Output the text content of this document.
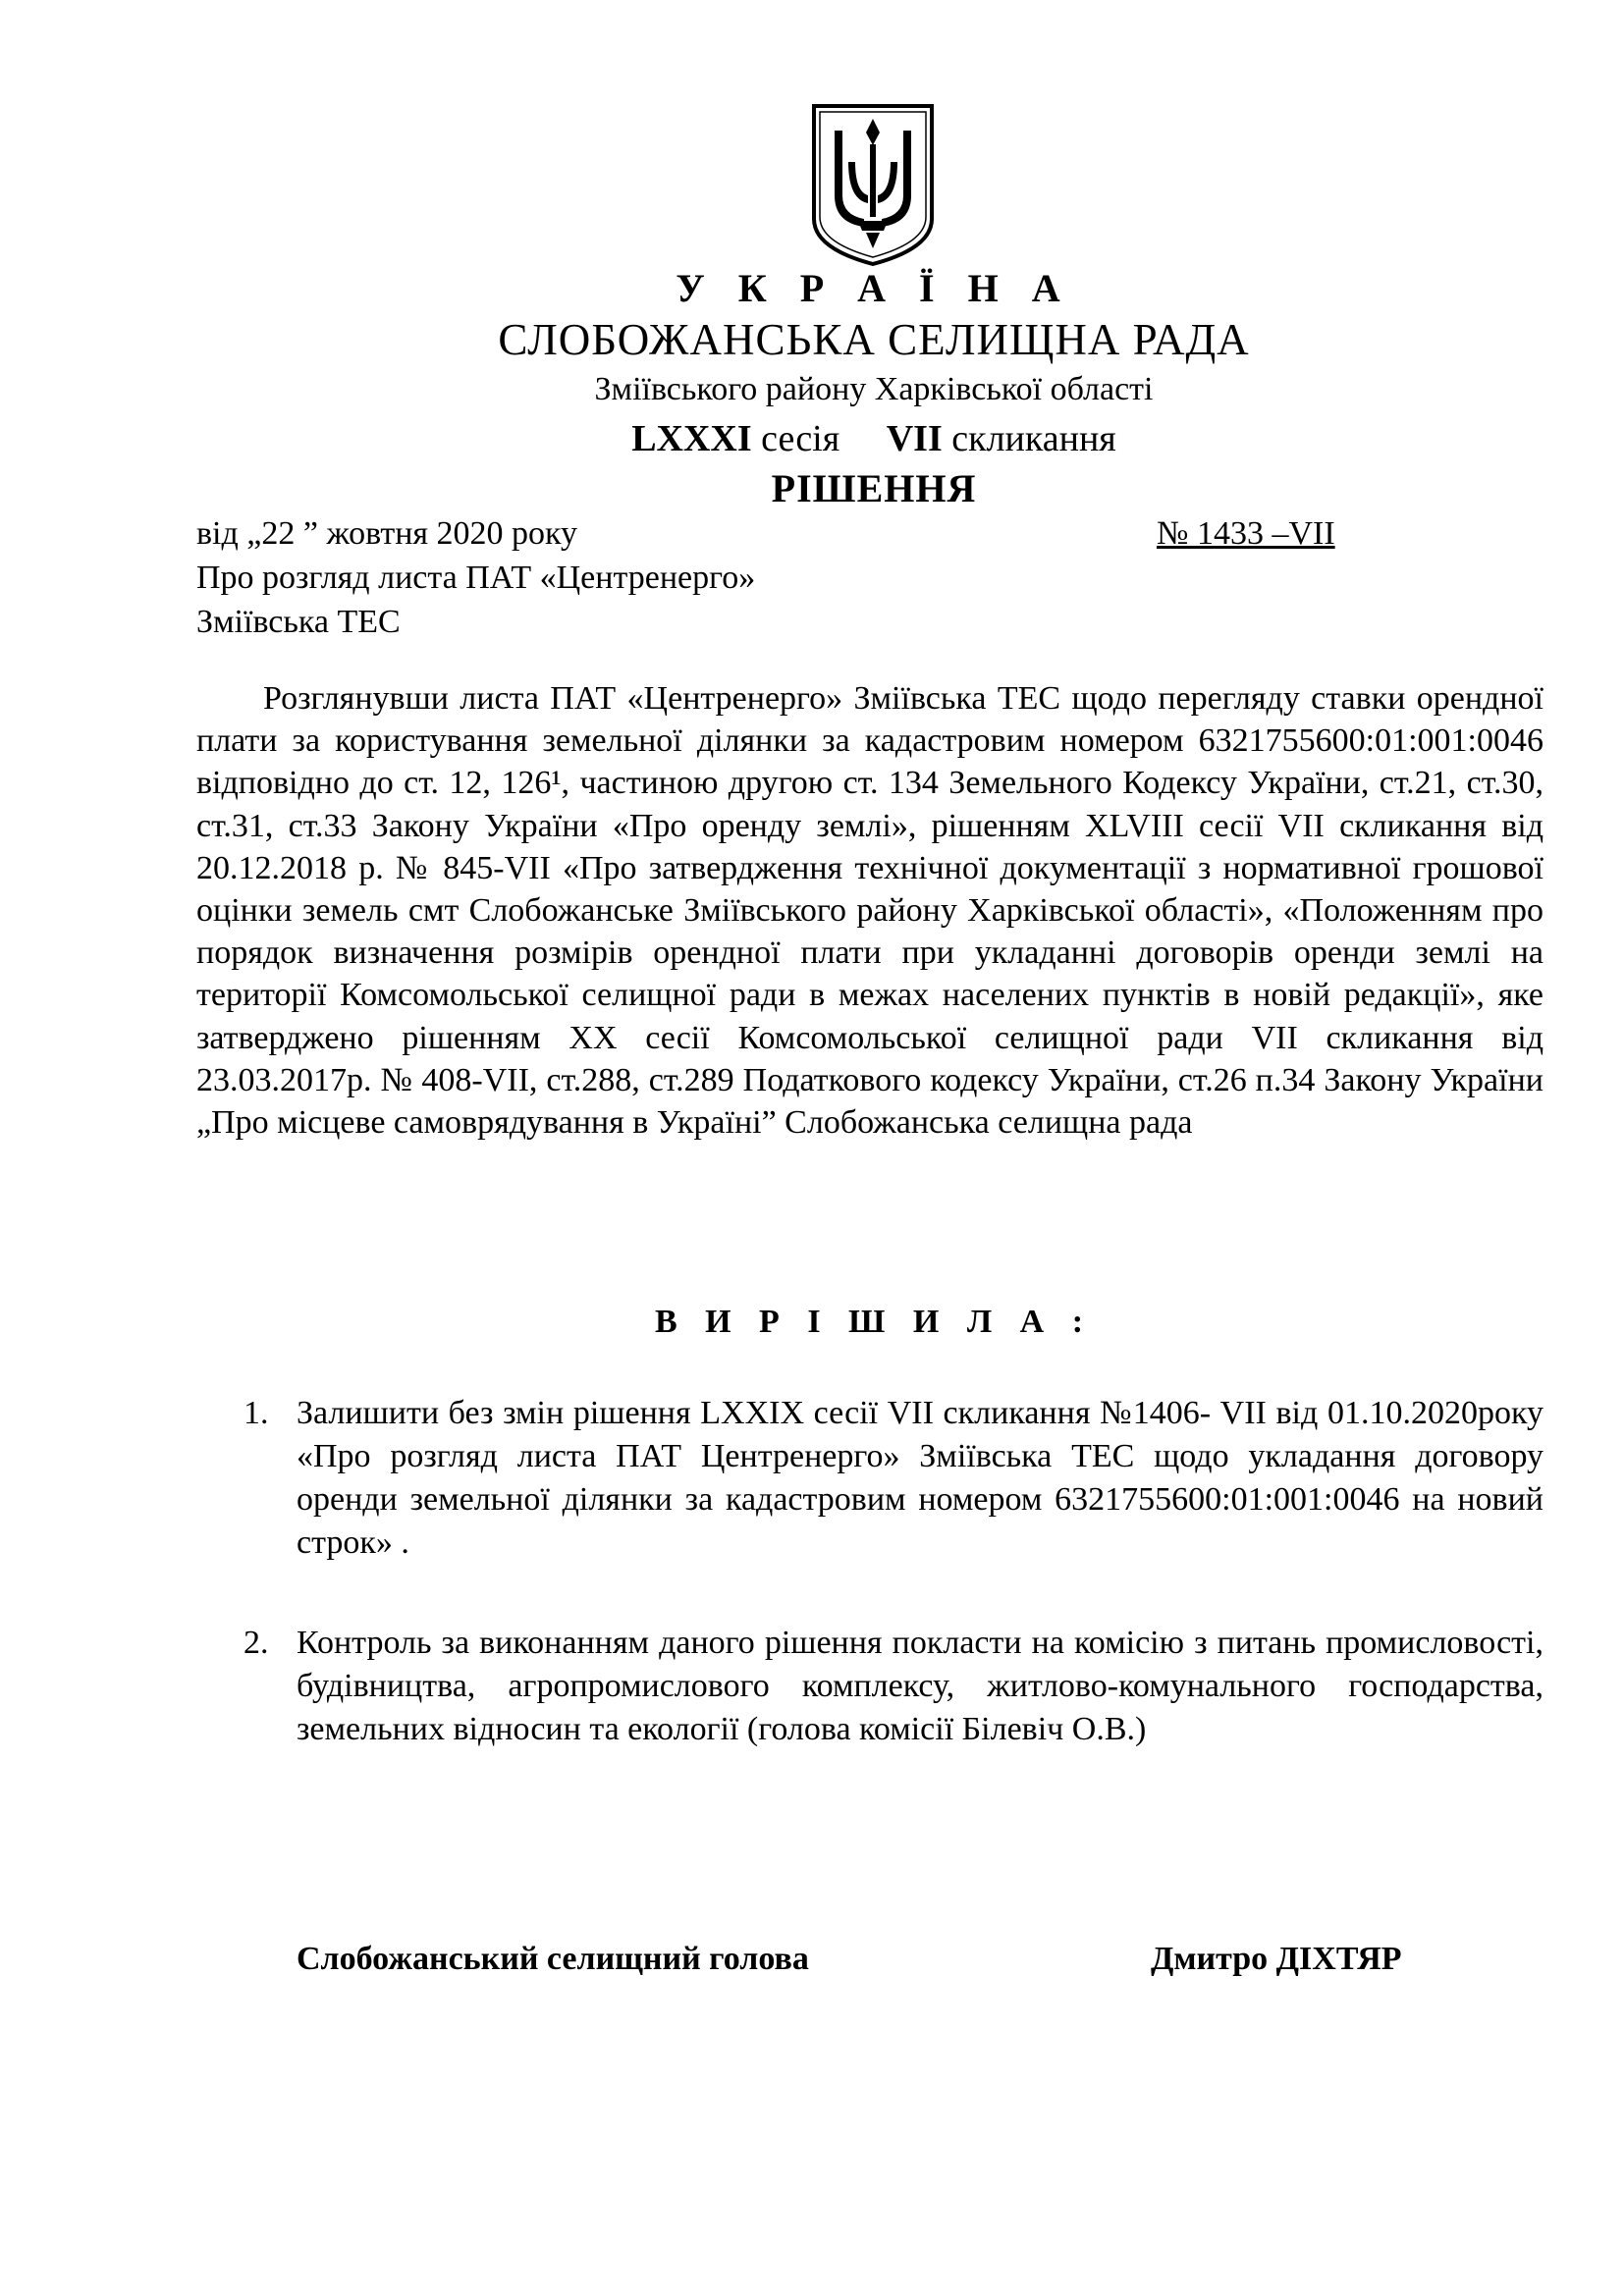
У К Р А Ї Н А
СЛОБОЖАНСЬКА СЕЛИЩНА РАДА
Зміївського району Харківської області
LXXXI сесія VII скликання
РІШЕННЯ
від „22 ” жовтня 2020 року	№ 1433 –VII
Про розгляд листа ПАТ «Центренерго»
Зміївська ТЕС
Розглянувши листа ПАТ «Центренерго» Зміївська ТЕС щодо перегляду ставки орендної плати за користування земельної ділянки за кадастровим номером 6321755600:01:001:0046 відповідно до ст. 12, 126¹, частиною другою ст. 134 Земельного Кодексу України, ст.21, ст.30, ст.31, ст.33 Закону України «Про оренду землі», рішенням XLVIII сесії VII скликання від 20.12.2018 р. № 845-VII «Про затвердження технічної документації з нормативної грошової оцінки земель смт Слобожанське Зміївського району Харківської області», «Положенням про порядок визначення розмірів орендної плати при укладанні договорів оренди землі на території Комсомольської селищної ради в межах населених пунктів в новій редакції», яке затверджено рішенням XX сесії Комсомольської селищної ради VII скликання від 23.03.2017р. № 408-VII, ст.288, ст.289 Податкового кодексу України, ст.26 п.34 Закону України „Про місцеве самоврядування в Україні” Слобожанська селищна рада
В И Р І Ш И Л А :
1. Залишити без змін рішення LXXIX сесії VII скликання №1406- VII від 01.10.2020року «Про розгляд листа ПАТ Центренерго» Зміївська ТЕС щодо укладання договору оренди земельної ділянки за кадастровим номером 6321755600:01:001:0046 на новий строк» .
2. Контроль за виконанням даного рішення покласти на комісію з питань промисловості, будівництва, агропромислового комплексу, житлово-комунального господарства, земельних відносин та екології (голова комісії Білевіч О.В.)
Слобожанський селищний голова	Дмитро ДІХТЯР
